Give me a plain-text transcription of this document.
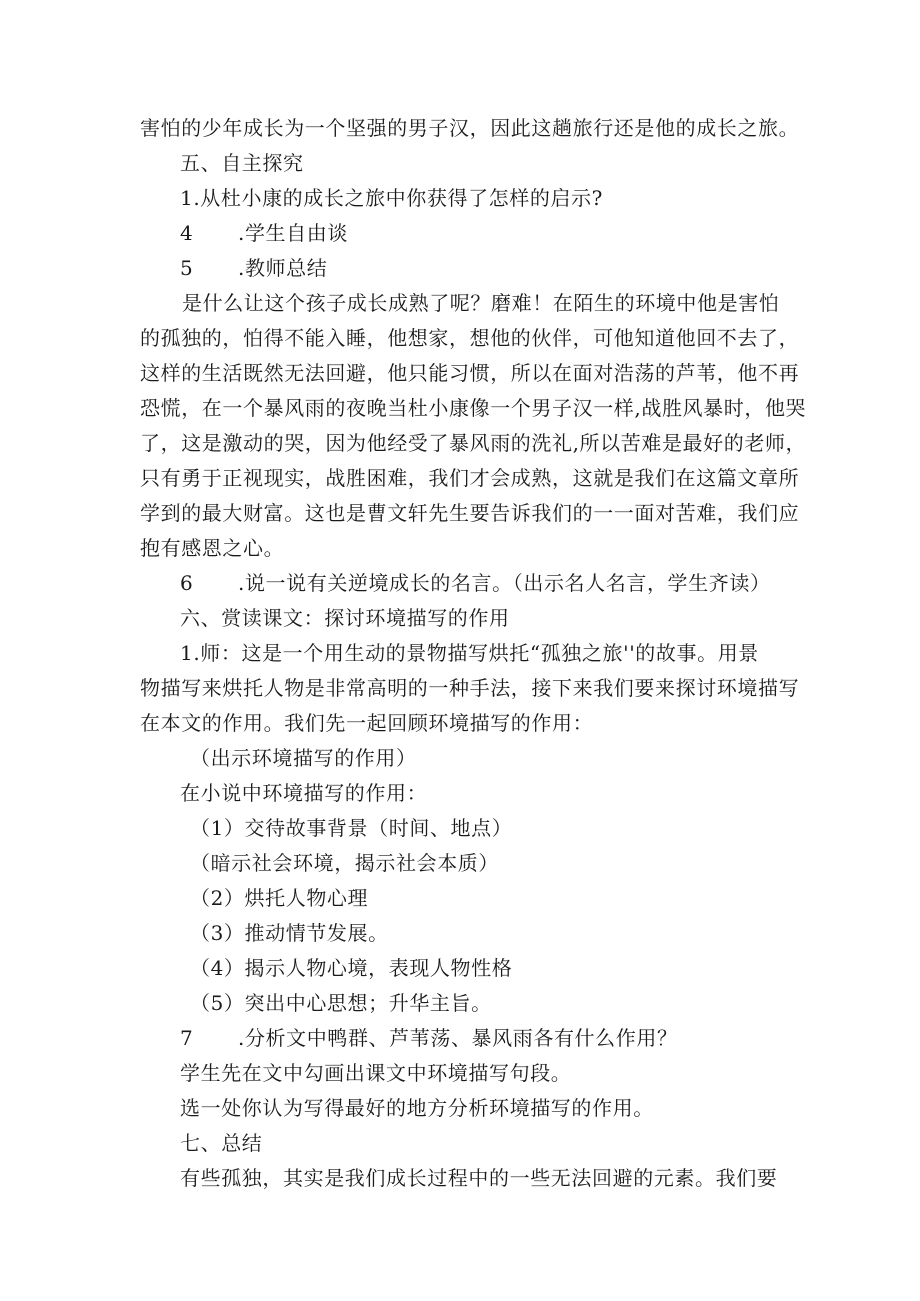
害怕的少年成长为一个坚强的男子汉，因此这趟旅行还是他的成长之旅。
五、自主探究
1.从杜小康的成长之旅中你获得了怎样的启示?
4 .学生自由谈
5 .教师总结
是什么让这个孩子成长成熟了呢？磨难！在陌生的环境中他是害怕
的孤独的，怕得不能入睡，他想家，想他的伙伴，可他知道他回不去了，
这样的生活既然无法回避，他只能习惯，所以在面对浩荡的芦苇，他不再
恐慌，在一个暴风雨的夜晚当杜小康像一个男子汉一样,战胜风暴时，他哭
了，这是激动的哭，因为他经受了暴风雨的洗礼,所以苦难是最好的老师，
只有勇于正视现实，战胜困难，我们才会成熟，这就是我们在这篇文章所
学到的最大财富。这也是曹文轩先生要告诉我们的一一面对苦难，我们应
抱有感恩之心。
6 .说一说有关逆境成长的名言。（出示名人名言，学生齐读）
六、赏读课文：探讨环境描写的作用
1.师：这是一个用生动的景物描写烘托“孤独之旅''的故事。用景
物描写来烘托人物是非常高明的一种手法，接下来我们要来探讨环境描写
在本文的作用。我们先一起回顾环境描写的作用：
（出示环境描写的作用）
在小说中环境描写的作用：
（1）交待故事背景（时间、地点）
（暗示社会环境，揭示社会本质）
（2）烘托人物心理
（3）推动情节发展。
（4）揭示人物心境，表现人物性格
（5）突出中心思想；升华主旨。
7 .分析文中鸭群、芦苇荡、暴风雨各有什么作用？
学生先在文中勾画出课文中环境描写句段。
选一处你认为写得最好的地方分析环境描写的作用。
七、总结
有些孤独，其实是我们成长过程中的一些无法回避的元素。我们要
